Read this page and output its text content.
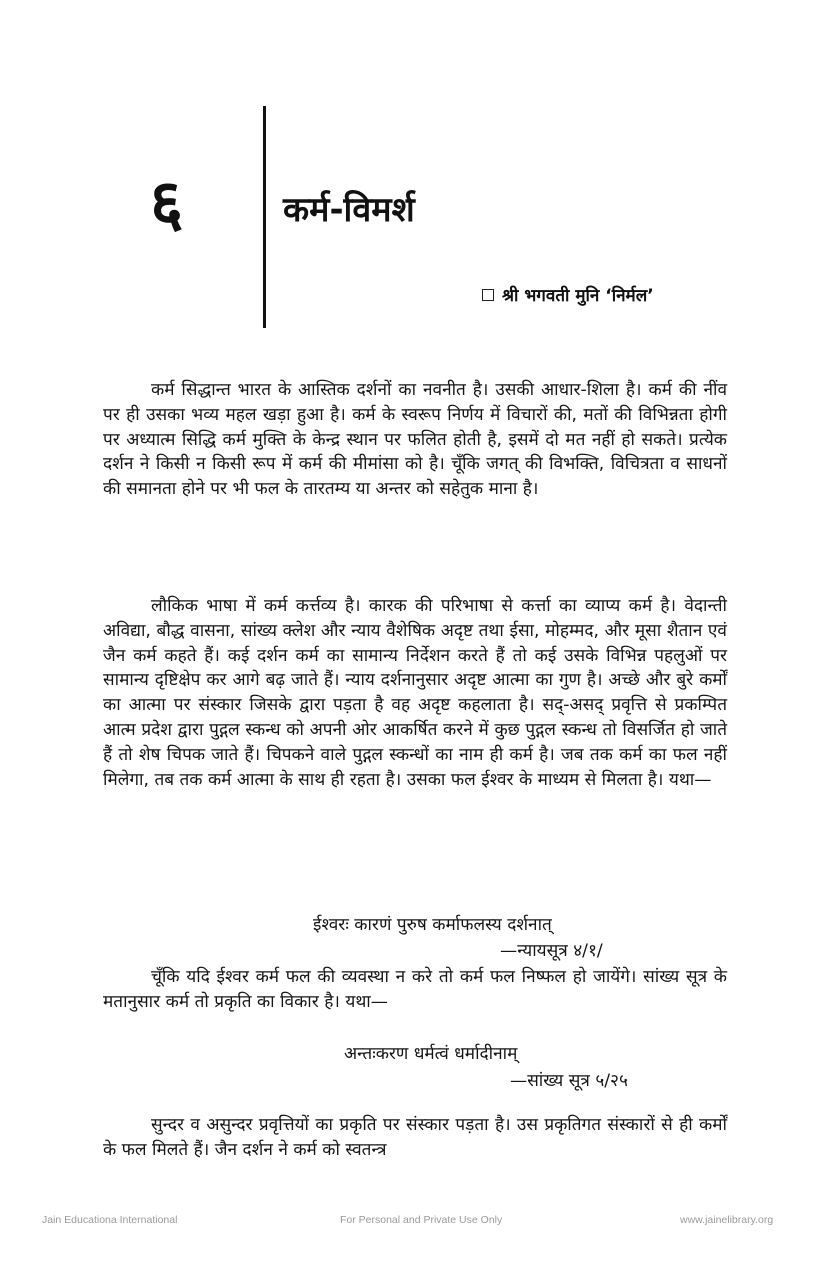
६	कर्म-विमर्श
श्री भगवती मुनि ‘निर्मल’

कर्म सिद्धान्त भारत के आस्तिक दर्शनों का नवनीत है। उसकी आधार-शिला है। कर्म की नींव पर ही उसका भव्य महल खड़ा हुआ है। कर्म के स्वरूप निर्णय में विचारों की, मतों की विभिन्नता होगी पर अध्यात्म सिद्धि कर्म मुक्ति के केन्द्र स्थान पर फलित होती है, इसमें दो मत नहीं हो सकते। प्रत्येक दर्शन ने किसी न किसी रूप में कर्म की मीमांसा को है। चूँकि जगत् की विभक्ति, विचित्रता व साधनों की समानता होने पर भी फल के तारतम्य या अन्तर को सहेतुक माना है।

लौकिक भाषा में कर्म कर्त्तव्य है। कारक की परिभाषा से कर्त्ता का व्याप्य कर्म है। वेदान्ती अविद्या, बौद्ध वासना, सांख्य क्लेश और न्याय वैशेषिक अदृष्ट तथा ईसा, मोहम्मद, और मूसा शैतान एवं जैन कर्म कहते हैं। कई दर्शन कर्म का सामान्य निर्देशन करते हैं तो कई उसके विभिन्न पहलुओं पर सामान्य दृष्टिक्षेप कर आगे बढ़ जाते हैं। न्याय दर्शनानुसार अदृष्ट आत्मा का गुण है। अच्छे और बुरे कर्मों का आत्मा पर संस्कार जिसके द्वारा पड़ता है वह अदृष्ट कहलाता है। सद्-असद् प्रवृत्ति से प्रकम्पित आत्म प्रदेश द्वारा पुद्गल स्कन्ध को अपनी ओर आकर्षित करने में कुछ पुद्गल स्कन्ध तो विसर्जित हो जाते हैं तो शेष चिपक जाते हैं। चिपकने वाले पुद्गल स्कन्धों का नाम ही कर्म है। जब तक कर्म का फल नहीं मिलेगा, तब तक कर्म आत्मा के साथ ही रहता है। उसका फल ईश्वर के माध्यम से मिलता है। यथा—

ईश्वरः कारणं पुरुष कर्माफलस्य दर्शनात्
—न्यायसूत्र ४/१/

चूँकि यदि ईश्वर कर्म फल की व्यवस्था न करे तो कर्म फल निष्फल हो जायेंगे। सांख्य सूत्र के मतानुसार कर्म तो प्रकृति का विकार है। यथा—

अन्तःकरण धर्मत्वं धर्मादीनाम्
—सांख्य सूत्र ५/२५

सुन्दर व असुन्दर प्रवृत्तियों का प्रकृति पर संस्कार पड़ता है। उस प्रकृतिगत संस्कारों से ही कर्मों के फल मिलते हैं। जैन दर्शन ने कर्म को स्वतन्त्र

Jain Educationa International	For Personal and Private Use Only	www.jainelibrary.org
